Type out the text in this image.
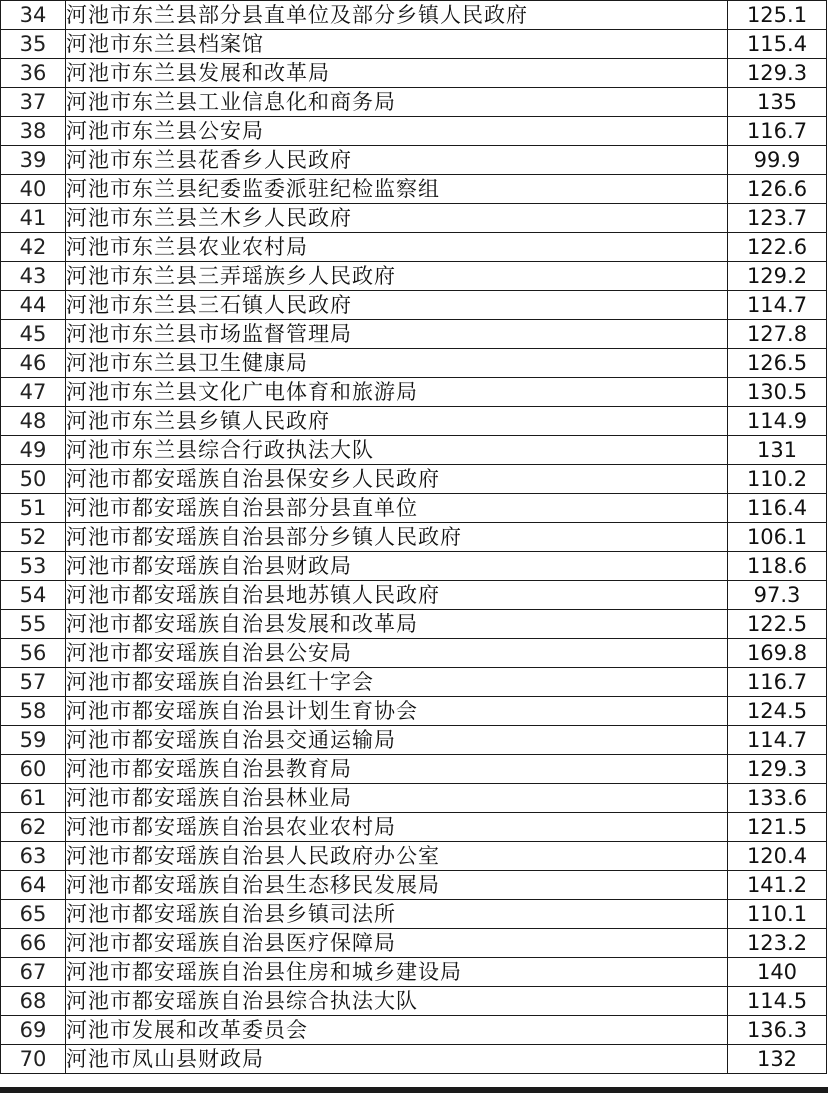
34	河池市东兰县部分县直单位及部分乡镇人民政府	125.1
35	河池市东兰县档案馆	115.4
36	河池市东兰县发展和改革局	129.3
37	河池市东兰县工业信息化和商务局	135
38	河池市东兰县公安局	116.7
39	河池市东兰县花香乡人民政府	99.9
40	河池市东兰县纪委监委派驻纪检监察组	126.6
41	河池市东兰县兰木乡人民政府	123.7
42	河池市东兰县农业农村局	122.6
43	河池市东兰县三弄瑶族乡人民政府	129.2
44	河池市东兰县三石镇人民政府	114.7
45	河池市东兰县市场监督管理局	127.8
46	河池市东兰县卫生健康局	126.5
47	河池市东兰县文化广电体育和旅游局	130.5
48	河池市东兰县乡镇人民政府	114.9
49	河池市东兰县综合行政执法大队	131
50	河池市都安瑶族自治县保安乡人民政府	110.2
51	河池市都安瑶族自治县部分县直单位	116.4
52	河池市都安瑶族自治县部分乡镇人民政府	106.1
53	河池市都安瑶族自治县财政局	118.6
54	河池市都安瑶族自治县地苏镇人民政府	97.3
55	河池市都安瑶族自治县发展和改革局	122.5
56	河池市都安瑶族自治县公安局	169.8
57	河池市都安瑶族自治县红十字会	116.7
58	河池市都安瑶族自治县计划生育协会	124.5
59	河池市都安瑶族自治县交通运输局	114.7
60	河池市都安瑶族自治县教育局	129.3
61	河池市都安瑶族自治县林业局	133.6
62	河池市都安瑶族自治县农业农村局	121.5
63	河池市都安瑶族自治县人民政府办公室	120.4
64	河池市都安瑶族自治县生态移民发展局	141.2
65	河池市都安瑶族自治县乡镇司法所	110.1
66	河池市都安瑶族自治县医疗保障局	123.2
67	河池市都安瑶族自治县住房和城乡建设局	140
68	河池市都安瑶族自治县综合执法大队	114.5
69	河池市发展和改革委员会	136.3
70	河池市凤山县财政局	132
